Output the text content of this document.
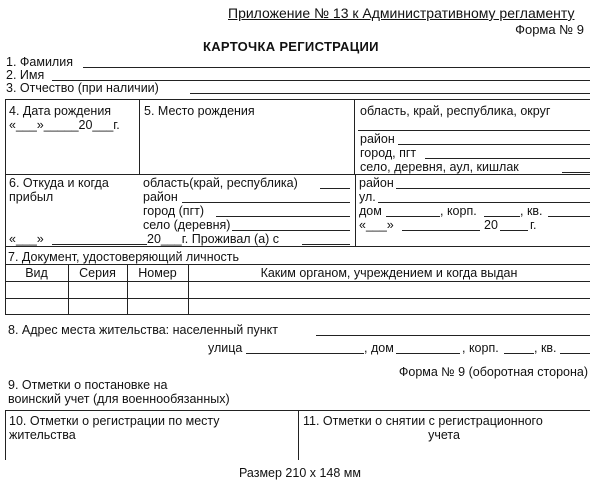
Приложение № 13 к Административному регламенту
Форма № 9
КАРТОЧКА РЕГИСТРАЦИИ
1. Фамилия
2. Имя
3. Отчество (при наличии)
4. Дата рождения
«___»_____20___г.
5. Место рождения	область, край, республика, округ
район
город, пгт
село, деревня, аул, кишлак
6. Откуда и когда
прибыл
область(край, республика)
район
город (пгт)
село (деревня)
«___»	20___г. Проживал (а) с
район
ул.
дом	, корп.	, кв.
«___»	20	г.
7. Документ, удостоверяющий личность
Вид	Серия	Номер	Каким органом, учреждением и когда выдан
8. Адрес места жительства: населенный пункт
улица	, дом	, корп.	, кв.
Форма № 9 (оборотная сторона)
9. Отметки о постановке на
воинский учет (для военнообязанных)
10. Отметки о регистрации по месту
жительства
11. Отметки о снятии с регистрационного
учета
Размер 210 x 148 мм
